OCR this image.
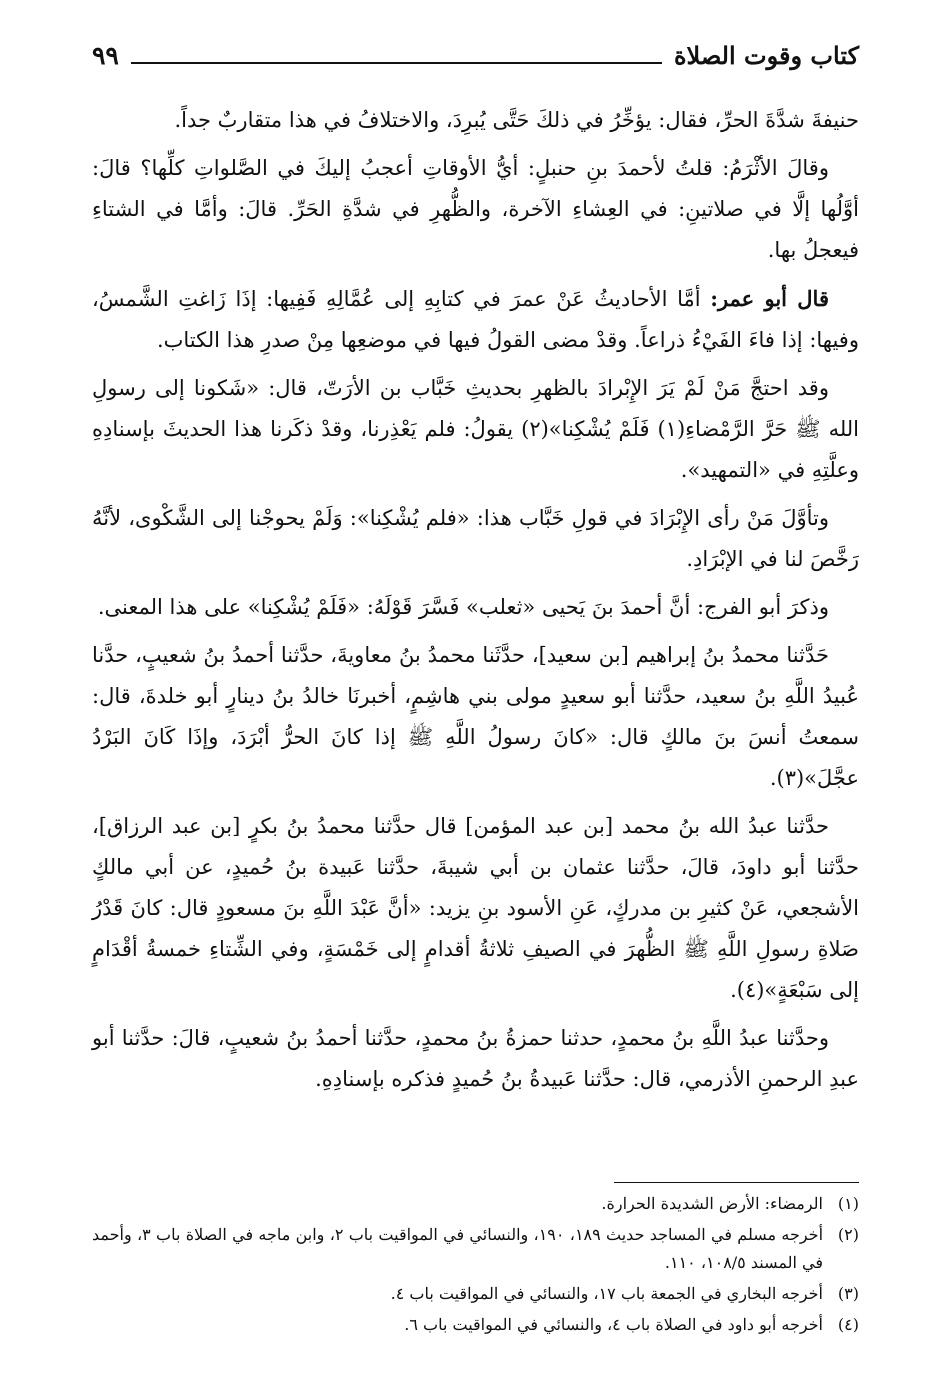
كتاب وقوت الصلاة
٩٩

حنيفةَ شدَّةَ الحرِّ، فقال: يؤخِّرُ في ذلكَ حَتَّى يُبرِدَ، والاختلافُ في هذا متقاربٌ جداً.

وقالَ الأثْرَمُ: قلتُ لأحمدَ بنِ حنبلٍ: أيُّ الأوقاتِ أعجبُ إليكَ في الصَّلواتِ كلِّها؟ قالَ: أوَّلُها إلَّا في صلاتينِ: في العِشاءِ الآخرة، والظُّهرِ في شدَّةِ الحَرِّ. قالَ: وأمَّا في الشتاءِ فيعجلُ بها.

قال أبو عمر: أمَّا الأحاديثُ عَنْ عمرَ في كتابِهِ إلى عُمَّالِهِ فَفِيها: إذَا زَاغتِ الشَّمسُ، وفيها: إذا فاءَ الفَيْءُ ذراعاً. وقدْ مضى القولُ فيها في موضعِها مِنْ صدرِ هذا الكتاب.

وقد احتجَّ مَنْ لَمْ يَرَ الإِبْرادَ بالظهرِ بحديثِ خَبَّاب بن الأرَتّ، قال: «شَكونا إلى رسولِ الله ﷺ حَرَّ الرَّمْضاءِ(١) فَلَمْ يُشْكِنا»(٢) يقولُ: فلم يَعْذِرنا، وقدْ ذكَرنا هذا الحديثَ بإسنادِهِ وعلَّتِهِ في «التمهيد».

وتأوَّلَ مَنْ رأى الإِبْرَادَ في قولِ خَبَّاب هذا: «فلم يُشْكِنا»: وَلَمْ يحوجْنا إلى الشَّكْوى، لأنَّهُ رَخَّصَ لنا في الإبْرَادِ.

وذكرَ أبو الفرج: أنَّ أحمدَ بنَ يَحيى «ثعلب» فَسَّرَ قَوْلَهُ: «فَلَمْ يُشْكِنا» على هذا المعنى.

حَدَّثنا محمدُ بنُ إبراهيم [بن سعيد]، حدَّثَنا محمدُ بنُ معاويةَ، حدَّثنا أحمدُ بنُ شعيبٍ، حدَّنا عُبيدُ اللَّهِ بنُ سعيد، حدَّثنا أبو سعيدٍ مولى بني هاشِمٍ، أخبرنَا خالدُ بنُ دينارٍ أبو خلدةَ، قال: سمعتُ أنسَ بنَ مالكٍ قال: «كانَ رسولُ اللَّهِ ﷺ إذا كانَ الحرُّ أبْرَدَ، وإذَا كَانَ البَرْدُ عجَّلَ»(٣).

حدَّثنا عبدُ الله بنُ محمد [بن عبد المؤمن] قال حدَّثنا محمدُ بنُ بكرٍ [بن عبد الرزاق]، حدَّثنا أبو داودَ، قالَ، حدَّثنا عثمان بن أبي شيبةَ، حدَّثنا عَبيدة بنُ حُميدٍ، عن أبي مالكٍ الأشجعي، عَنْ كثيرِ بن مدركٍ، عَنِ الأسود بنِ يزيد: «أنَّ عَبْدَ اللَّهِ بنَ مسعودٍ قال: كانَ قَدْرُ صَلاةِ رسولِ اللَّهِ ﷺ الظُّهرَ في الصيفِ ثلاثةُ أقدامٍ إلى خَمْسَةٍ، وفي الشِّتاءِ خمسةُ أقْدَامٍ إلى سَبْعَةٍ»(٤).

وحدَّثنا عبدُ اللَّهِ بنُ محمدٍ، حدثنا حمزةُ بنُ محمدٍ، حدَّثنا أحمدُ بنُ شعيبٍ، قالَ: حدَّثنا أبو عبدِ الرحمنِ الأذرمي، قال: حدَّثنا عَبيدةُ بنُ حُميدٍ فذكره بإسنادِهِ.

(١)الرمضاء: الأرض الشديدة الحرارة.

(٢)أخرجه مسلم في المساجد حديث ١٨٩، ١٩٠، والنسائي في المواقيت باب ٢، وابن ماجه في الصلاة باب ٣، وأحمد في المسند ١٠٨/٥، ١١٠.

(٣)أخرجه البخاري في الجمعة باب ١٧، والنسائي في المواقيت باب ٤.

(٤)أخرجه أبو داود في الصلاة باب ٤، والنسائي في المواقيت باب ٦.
